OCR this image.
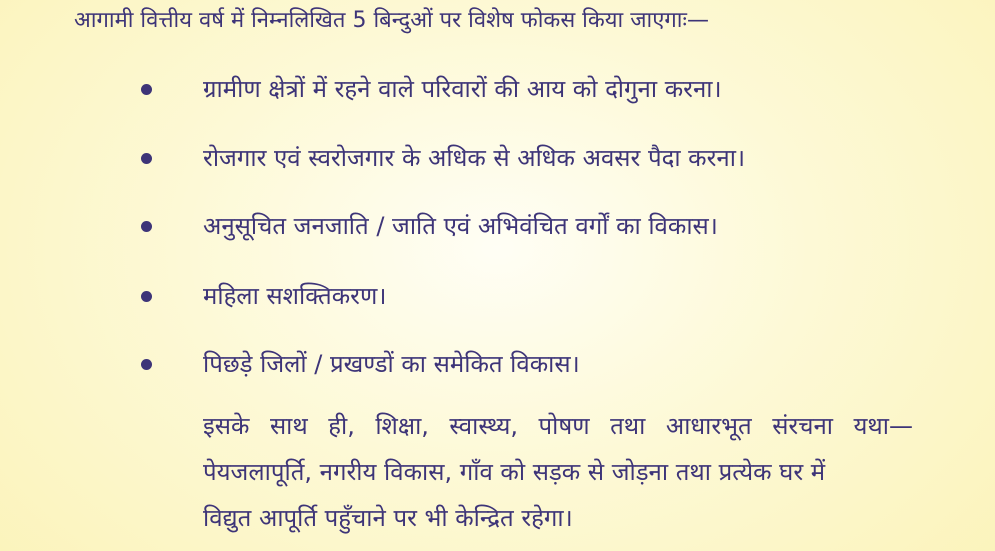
आगामी वित्तीय वर्ष में निम्नलिखित 5 बिन्दुओं पर विशेष फोकस किया जाएगाः—
ग्रामीण क्षेत्रों में रहने वाले परिवारों की आय को दोगुना करना।
रोजगार एवं स्वरोजगार के अधिक से अधिक अवसर पैदा करना।
अनुसूचित जनजाति / जाति एवं अभिवंचित वर्गों का विकास।
महिला सशक्तिकरण।
पिछड़े जिलों / प्रखण्डों का समेकित विकास।
इसके साथ ही, शिक्षा, स्वास्थ्य, पोषण तथा आधारभूत संरचना यथा—
पेयजलापूर्ति, नगरीय विकास, गाँव को सड़क से जोड़ना तथा प्रत्येक घर में
विद्युत आपूर्ति पहुँचाने पर भी केन्द्रित रहेगा।
